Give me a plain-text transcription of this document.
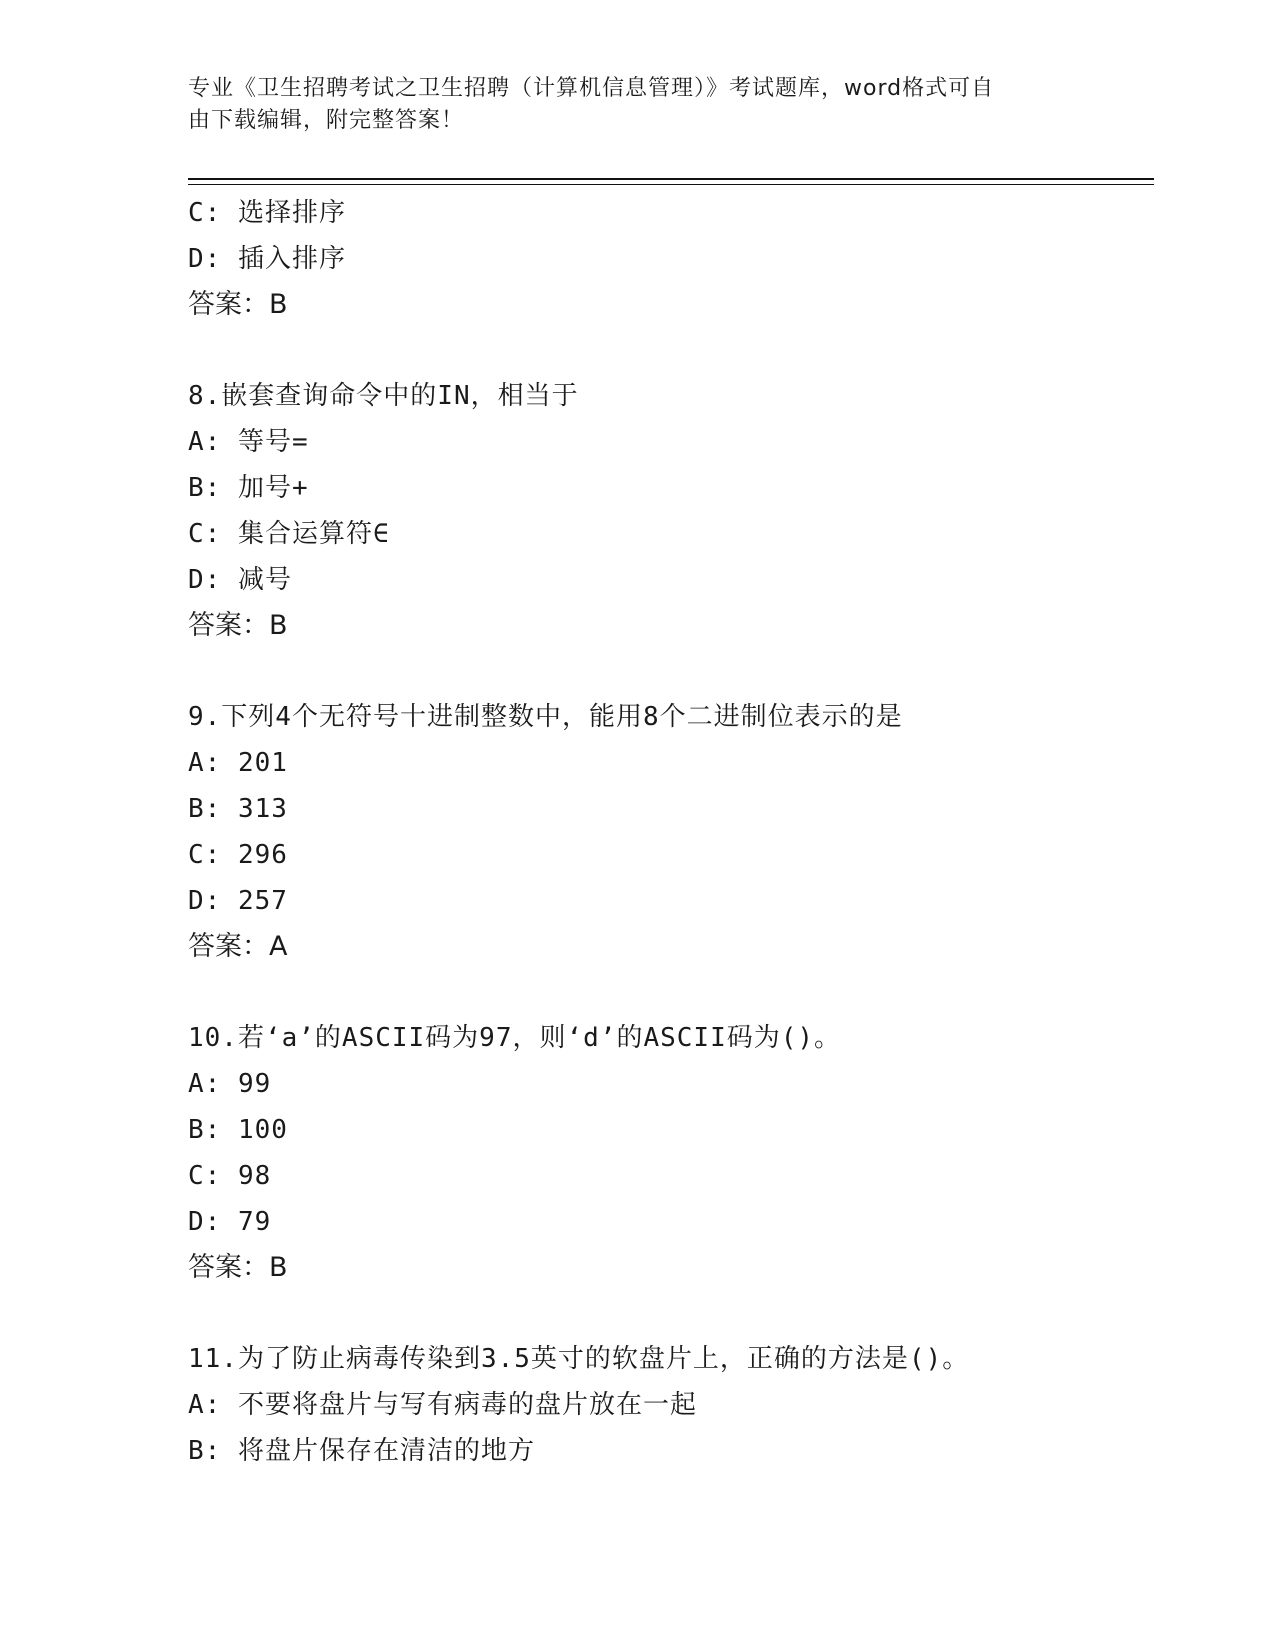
专业《卫生招聘考试之卫生招聘（计算机信息管理）》考试题库，word格式可自
由下载编辑，附完整答案！
C: 选择排序
D: 插入排序
答案：B
8.嵌套查询命令中的IN，相当于
A: 等号=
B: 加号+
C: 集合运算符∈
D: 减号
答案：B
9.下列4个无符号十进制整数中，能用8个二进制位表示的是
A: 201
B: 313
C: 296
D: 257
答案：A
10.若‘a’的ASCII码为97，则‘d’的ASCII码为()。
A: 99
B: 100
C: 98
D: 79
答案：B
11.为了防止病毒传染到3.5英寸的软盘片上，正确的方法是()。
A: 不要将盘片与写有病毒的盘片放在一起
B: 将盘片保存在清洁的地方
